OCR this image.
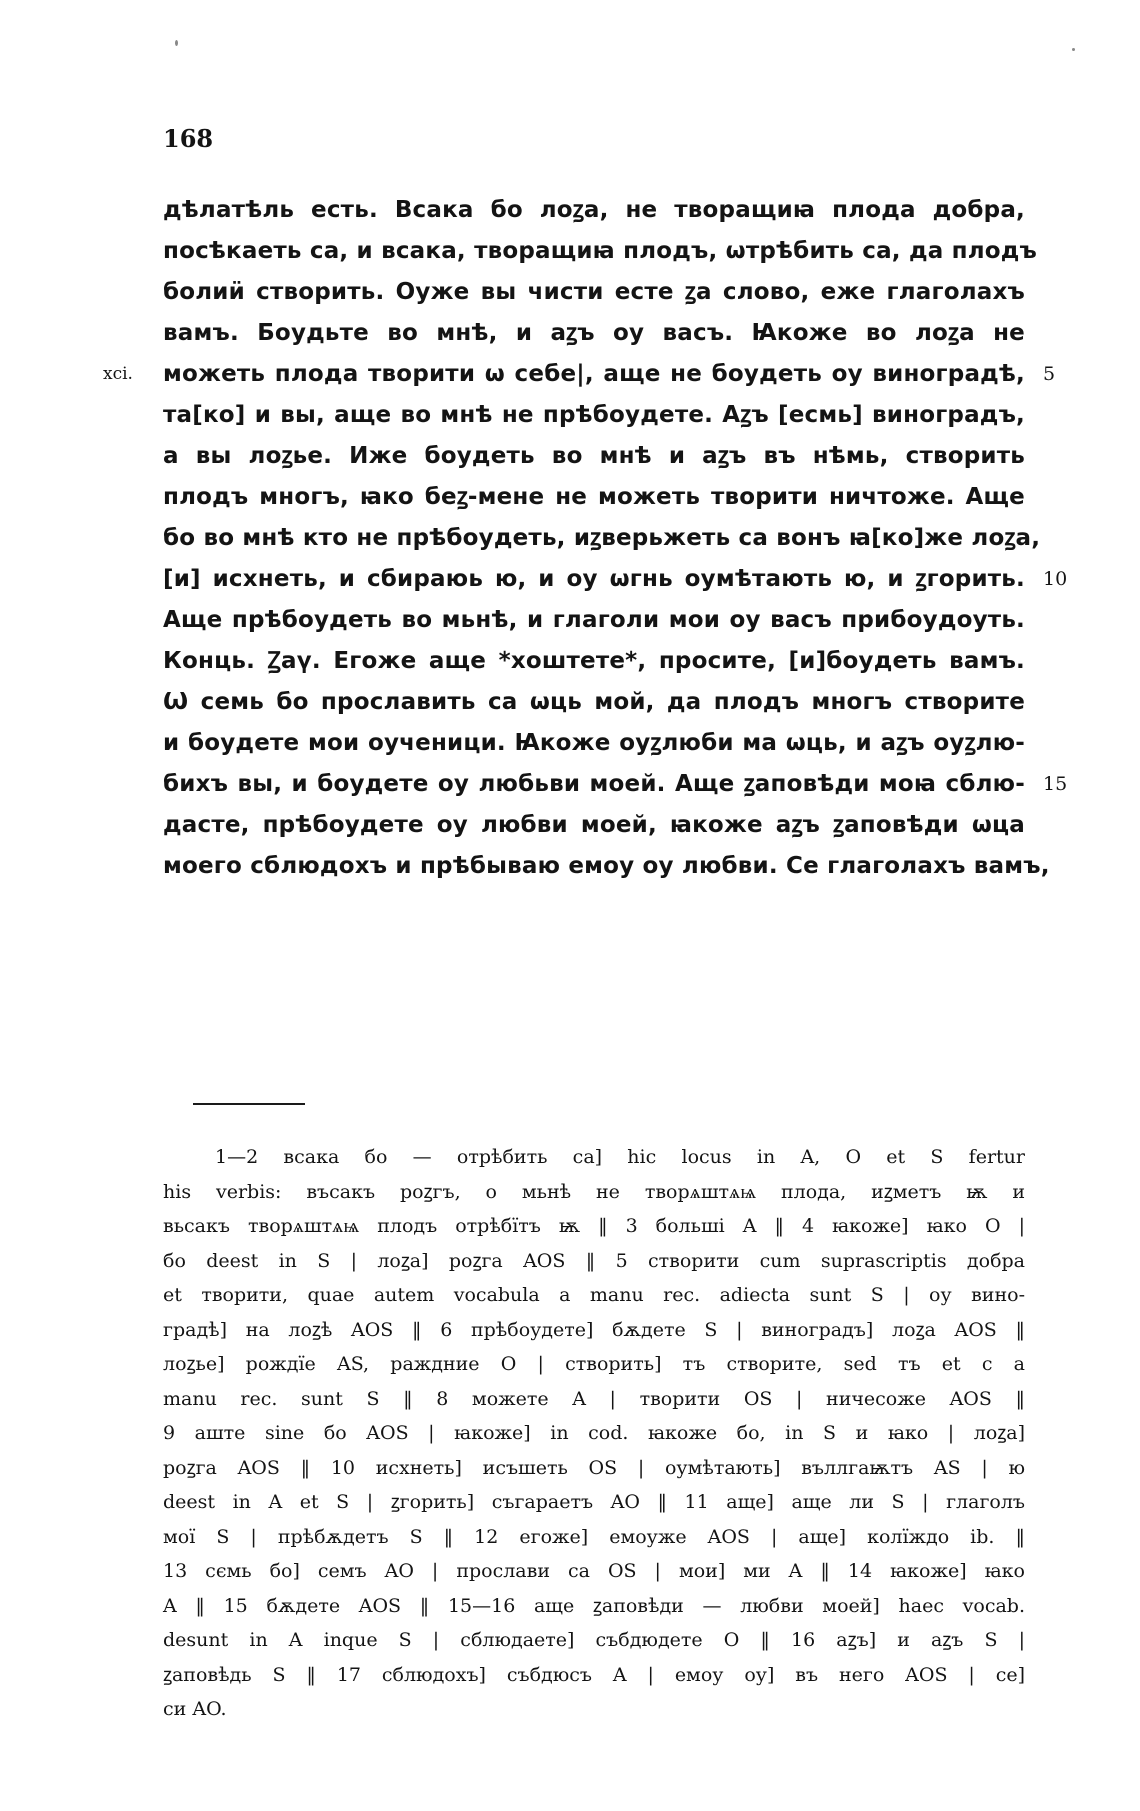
168
дѣлатѣль есть. Всака бо лоꙁа, не творащиꙗ плода добра,
посѣкаеть са, и всака, творащиꙗ плодъ, ѡтрѣбить са, да плодъ
болиӥ створить. Оуже вы чисти есте ꙁа слово, еже глаголахъ
вамъ. Боудьте во мнѣ, и аꙁъ оу васъ. Ꙗкоже во лоꙁа не
можеть плода творити ѡ себе|, аще не боудеть оу виноградѣ,
xci.	5
та[ко] и вы, аще во мнѣ не прѣбоудете. Аꙁъ [есмь] виноградъ,
а вы лоꙁье. Иже боудеть во мнѣ и аꙁъ въ нѣмь, створить
плодъ многъ, ꙗко беꙁ-мене не можеть творити ничтоже. Аще
бо во мнѣ кто не прѣбоудеть, иꙁверьжеть са вонъ ꙗ[ко]же лоꙁа,
[и] исхнеть, и сбираюь ю, и оу ѡгнь оумѣтають ю, и ꙁгорить. 10
Аще прѣбоудеть во мьнѣ, и глаголи мои оу васъ прибоудоуть.
Конць. Ꙁаү. Егоже аще *хоштете*, просите, [и]боудеть вамъ.
Ѡ семь бо прославить са ѡць мой, да плодъ многъ створите
и боудете мои оученици. Ꙗкоже оуꙁлюби ма ѡць, и аꙁъ оуꙁлю-
бихъ вы, и боудете оу любьви моей. Аще ꙁаповѣди моꙗ сблю- 15
дасте, прѣбоудете оу любви моей, ꙗкоже аꙁъ ꙁаповѣди ѡца
моего сблюдохъ и прѣбываю емоу оу любви. Се глаголахъ вамъ,
1—2 всака бо — отрѣбить са] hic locus in A, O et S fertur
his verbis: въсакъ роꙁгъ, о мьнѣ не творѧштѧѩ плода, иꙁметъ ѭ и
вьсакъ творѧштѧѩ плодъ отрѣбїтъ ѭ ‖ 3 больші A ‖ 4 ꙗкоже] ꙗко O |
бо deest in S | лоꙁа] роꙁга AOS ‖ 5 створити cum suprascriptis добра
et творити, quae autem vocabula a manu rec. adiecta sunt S | оу вино-
градѣ] на лоꙁѣ AOS ‖ 6 прѣбоудете] бѫдете S | виноградъ] лоꙁа AOS ‖
лоꙁье] рождїе AS, раждние O | створить] тъ створите, sed тъ et с a
manu rec. sunt S ‖ 8 можете A | творити OS | ничесоже AOS ‖
9 аште sine бо AOS | ꙗкоже] in cod. ꙗкоже бо, in S и ꙗко | лоꙁа]
роꙁга AOS ‖ 10 исхнеть] исъшеть OS | оумѣтають] въллгаѭтъ AS | ю
deest in A et S | ꙁгорить] съгараетъ AO ‖ 11 аще] аще ли S | глаголъ
мої S | прѣбѫдетъ S ‖ 12 егоже] емоуже AOS | аще] колїждо ib. ‖
13 сємь бо] семъ AO | прослави са OS | мои] ми A ‖ 14 ꙗкоже] ꙗко
A ‖ 15 бѫдете AOS ‖ 15—16 аще ꙁаповѣди — любви моей] haec vocab.
desunt in A inque S | сблюдаете] събдюдете O ‖ 16 аꙁъ] и аꙁъ S |
ꙁаповѣдь S ‖ 17 сблюдохъ] събдюсъ A | емоу оу] въ него AOS | се]
си AO.
